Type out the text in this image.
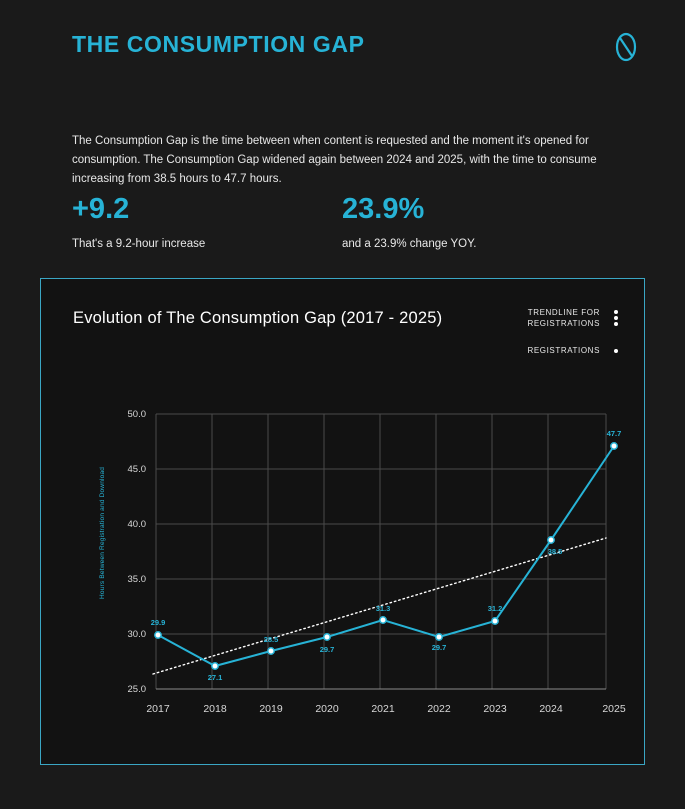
THE CONSUMPTION GAP

The Consumption Gap is the time between when content is requested and the moment it's opened for consumption. The Consumption Gap widened again between 2024 and 2025, with the time to consume increasing from 38.5 hours to 47.7 hours.

+9.2
That's a 9.2-hour increase
23.9%
and a 23.9% change YOY.
Evolution of The Consumption Gap (2017 - 2025)	TRENDLINE FOR
REGISTRATIONS
REGISTRATIONS
Hours Between Registration and Download
25.0
30.0
35.0
40.0
45.0
50.0
29.9
27.1
28.5
29.7
31.3
29.7
31.2
38.5
47.7
2017	2018	2019	2020	2021	2022	2023	2024	2025
